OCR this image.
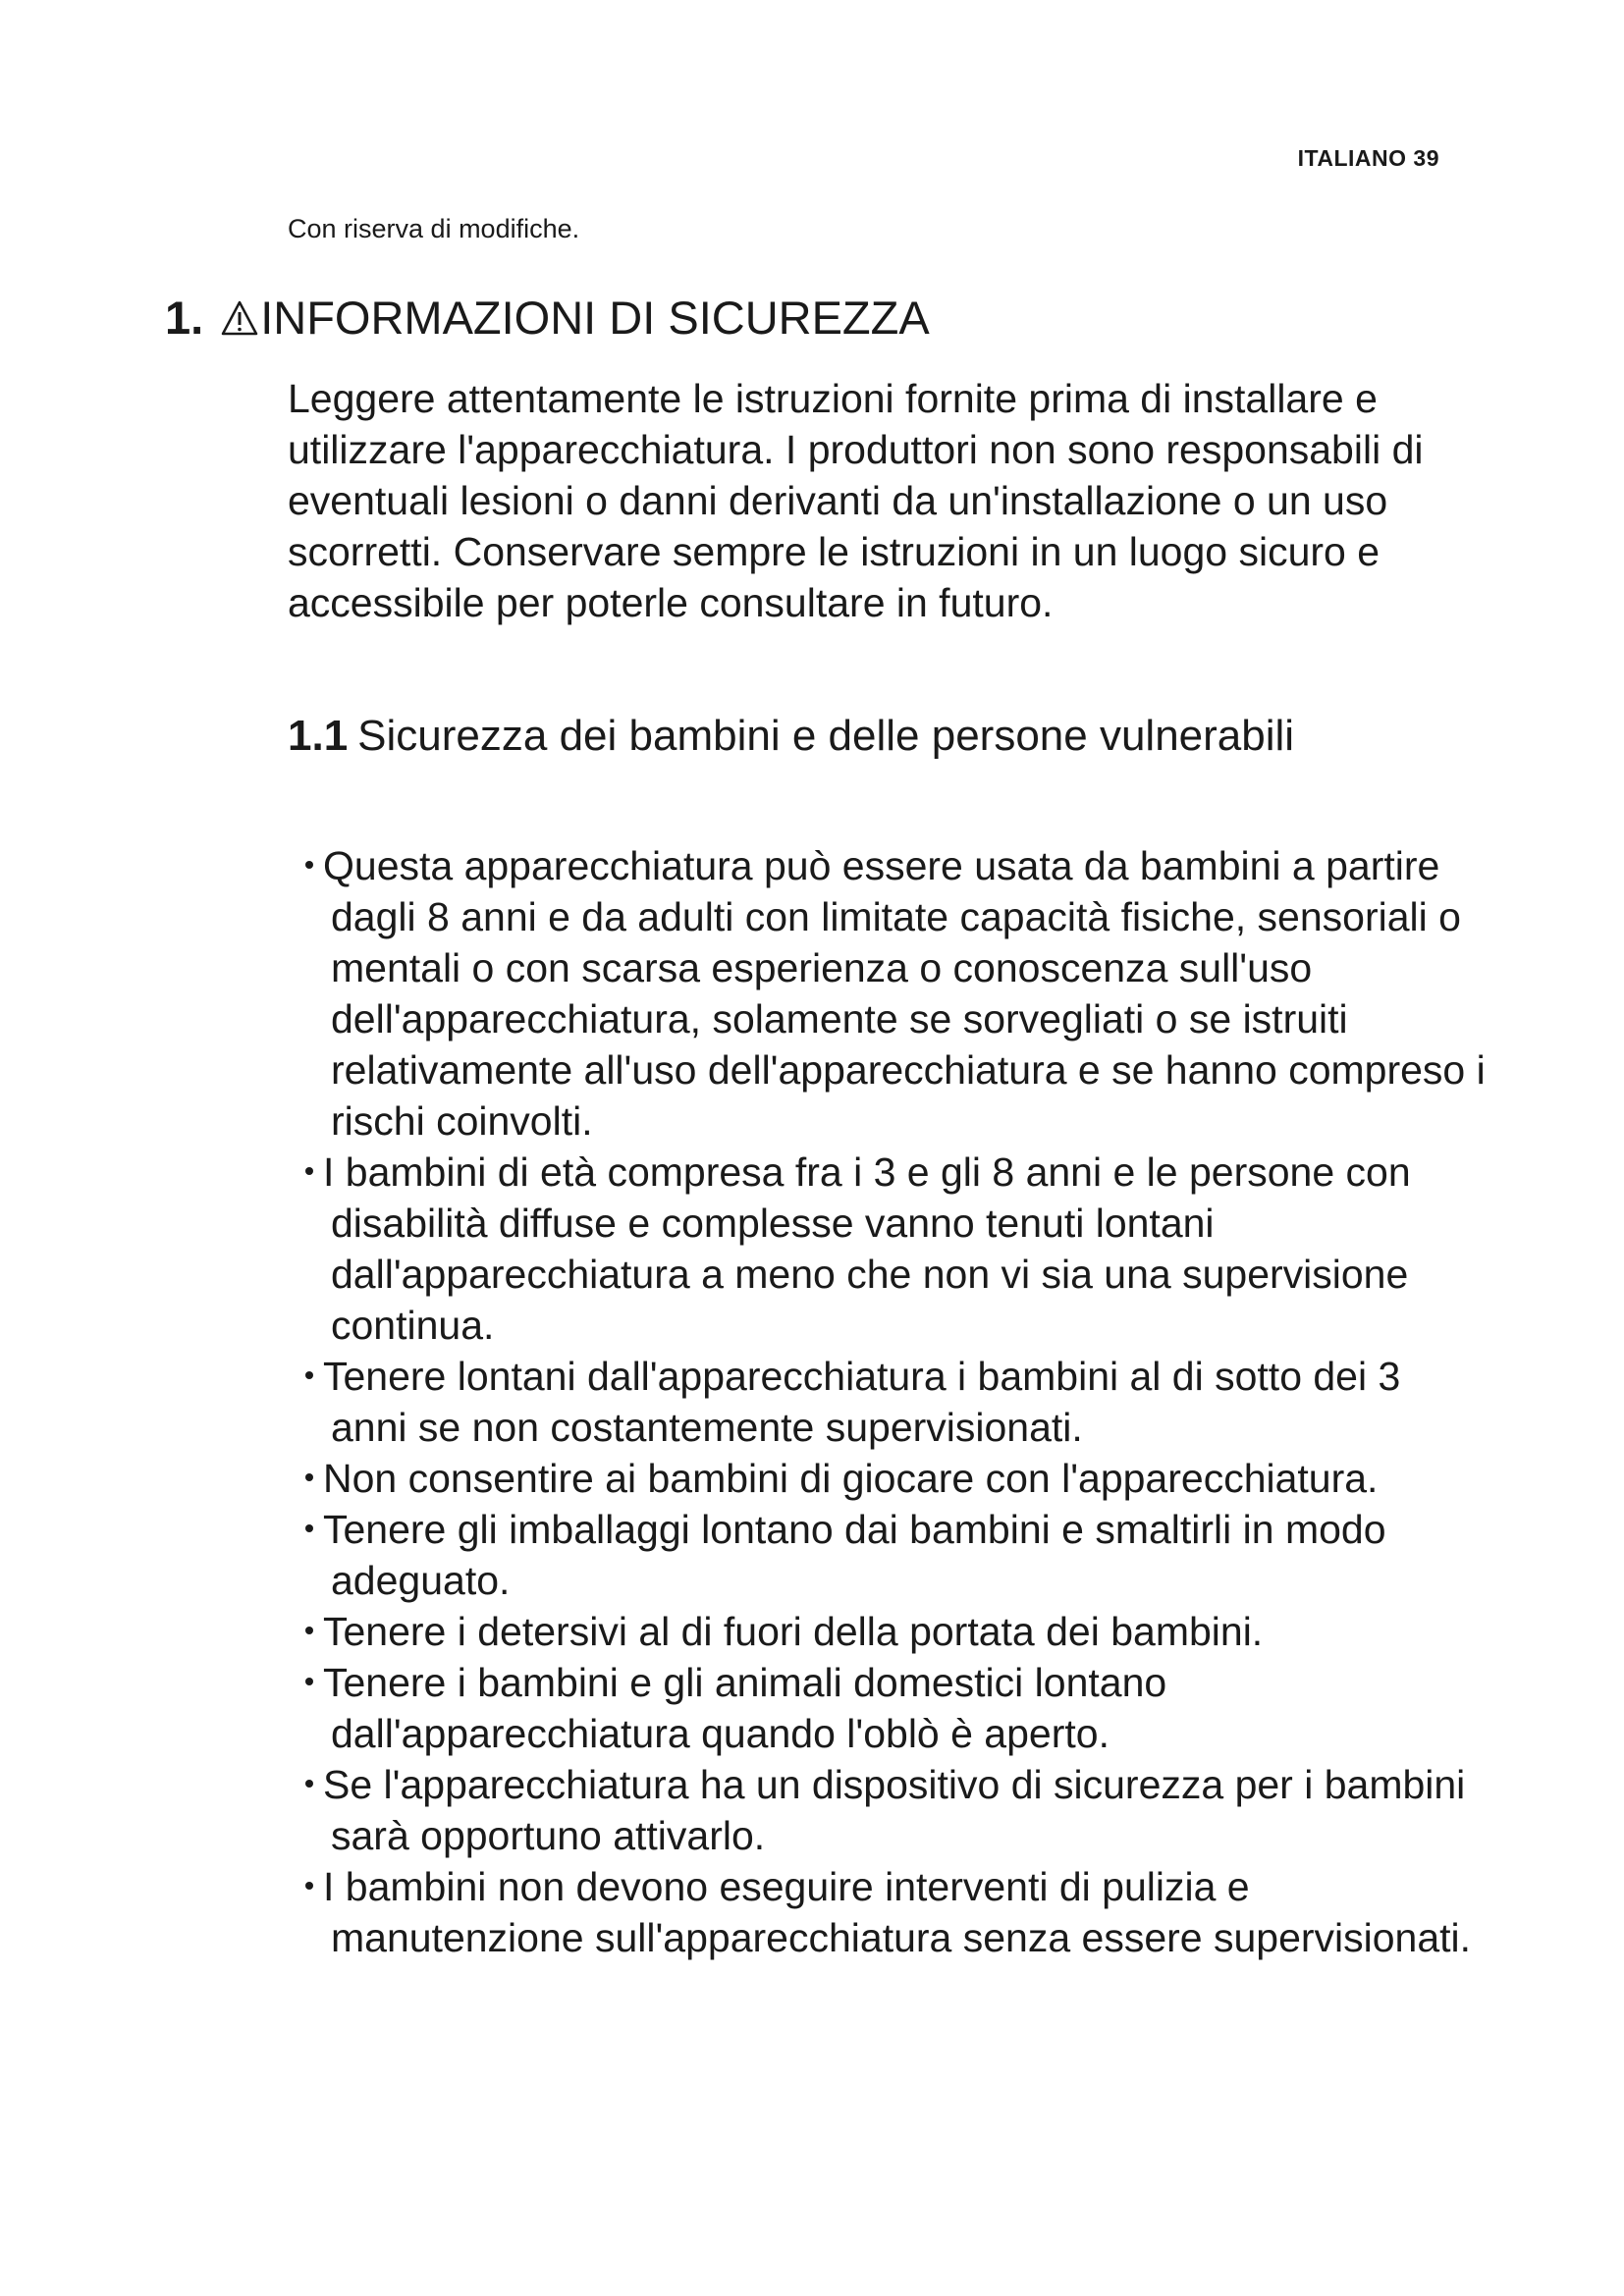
ITALIANO 39
Con riserva di modifiche.
1. INFORMAZIONI DI SICUREZZA

Leggere attentamente le istruzioni fornite prima di installare e utilizzare l'apparecchiatura. I produttori non sono responsabili di eventuali lesioni o danni derivanti da un'installazione o un uso scorretti. Conservare sempre le istruzioni in un luogo sicuro e accessibile per poterle consultare in futuro.

1.1 Sicurezza dei bambini e delle persone vulnerabili
Questa apparecchiatura può essere usata da bambini a partire dagli 8 anni e da adulti con limitate capacità fisiche, sensoriali o mentali o con scarsa esperienza o conoscenza sull'uso dell'apparecchiatura, solamente se sorvegliati o se istruiti relativamente all'uso dell'apparecchiatura e se hanno compreso i rischi coinvolti.
I bambini di età compresa fra i 3 e gli 8 anni e le persone con disabilità diffuse e complesse vanno tenuti lontani dall'apparecchiatura a meno che non vi sia una supervisione continua.
Tenere lontani dall'apparecchiatura i bambini al di sotto dei 3 anni se non costantemente supervisionati.
Non consentire ai bambini di giocare con l'apparecchiatura.
Tenere gli imballaggi lontano dai bambini e smaltirli in modo adeguato.
Tenere i detersivi al di fuori della portata dei bambini.
Tenere i bambini e gli animali domestici lontano dall'apparecchiatura quando l'oblò è aperto.
Se l'apparecchiatura ha un dispositivo di sicurezza per i bambini sarà opportuno attivarlo.
I bambini non devono eseguire interventi di pulizia e manutenzione sull'apparecchiatura senza essere supervisionati.
